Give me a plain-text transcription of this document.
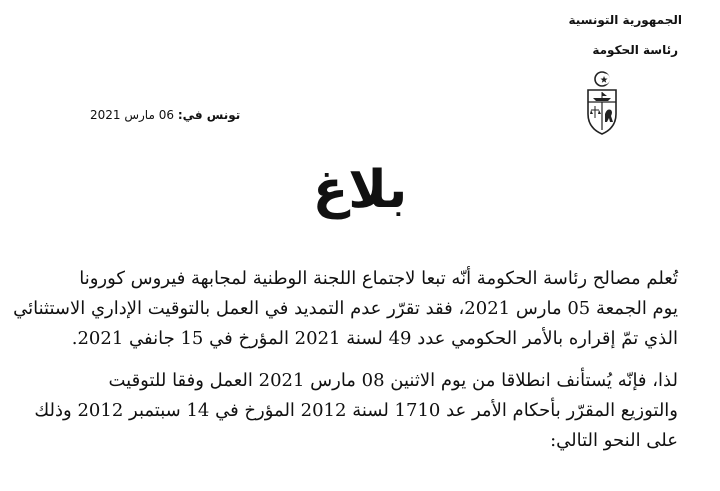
الجمهورية التونسية
رئاسة الحكومة
تونس في: 06 مارس 2021
بلاغ

تُعلم مصالح رئاسة الحكومة أنّه تبعا لاجتماع اللجنة الوطنية لمجابهة فيروس كورونا
يوم الجمعة 05 مارس 2021، فقد تقرّر عدم التمديد في العمل بالتوقيت الإداري الاستثنائي
الذي تمّ إقراره بالأمر الحكومي عدد 49 لسنة 2021 المؤرخ في 15 جانفي 2021.

لذا، فإنّه يُستأنف انطلاقا من يوم الاثنين 08 مارس 2021 العمل وفقا للتوقيت
والتوزيع المقرّر بأحكام الأمر عد 1710 لسنة 2012 المؤرخ في 14 سبتمبر 2012 وذلك
على النحو التالي:
